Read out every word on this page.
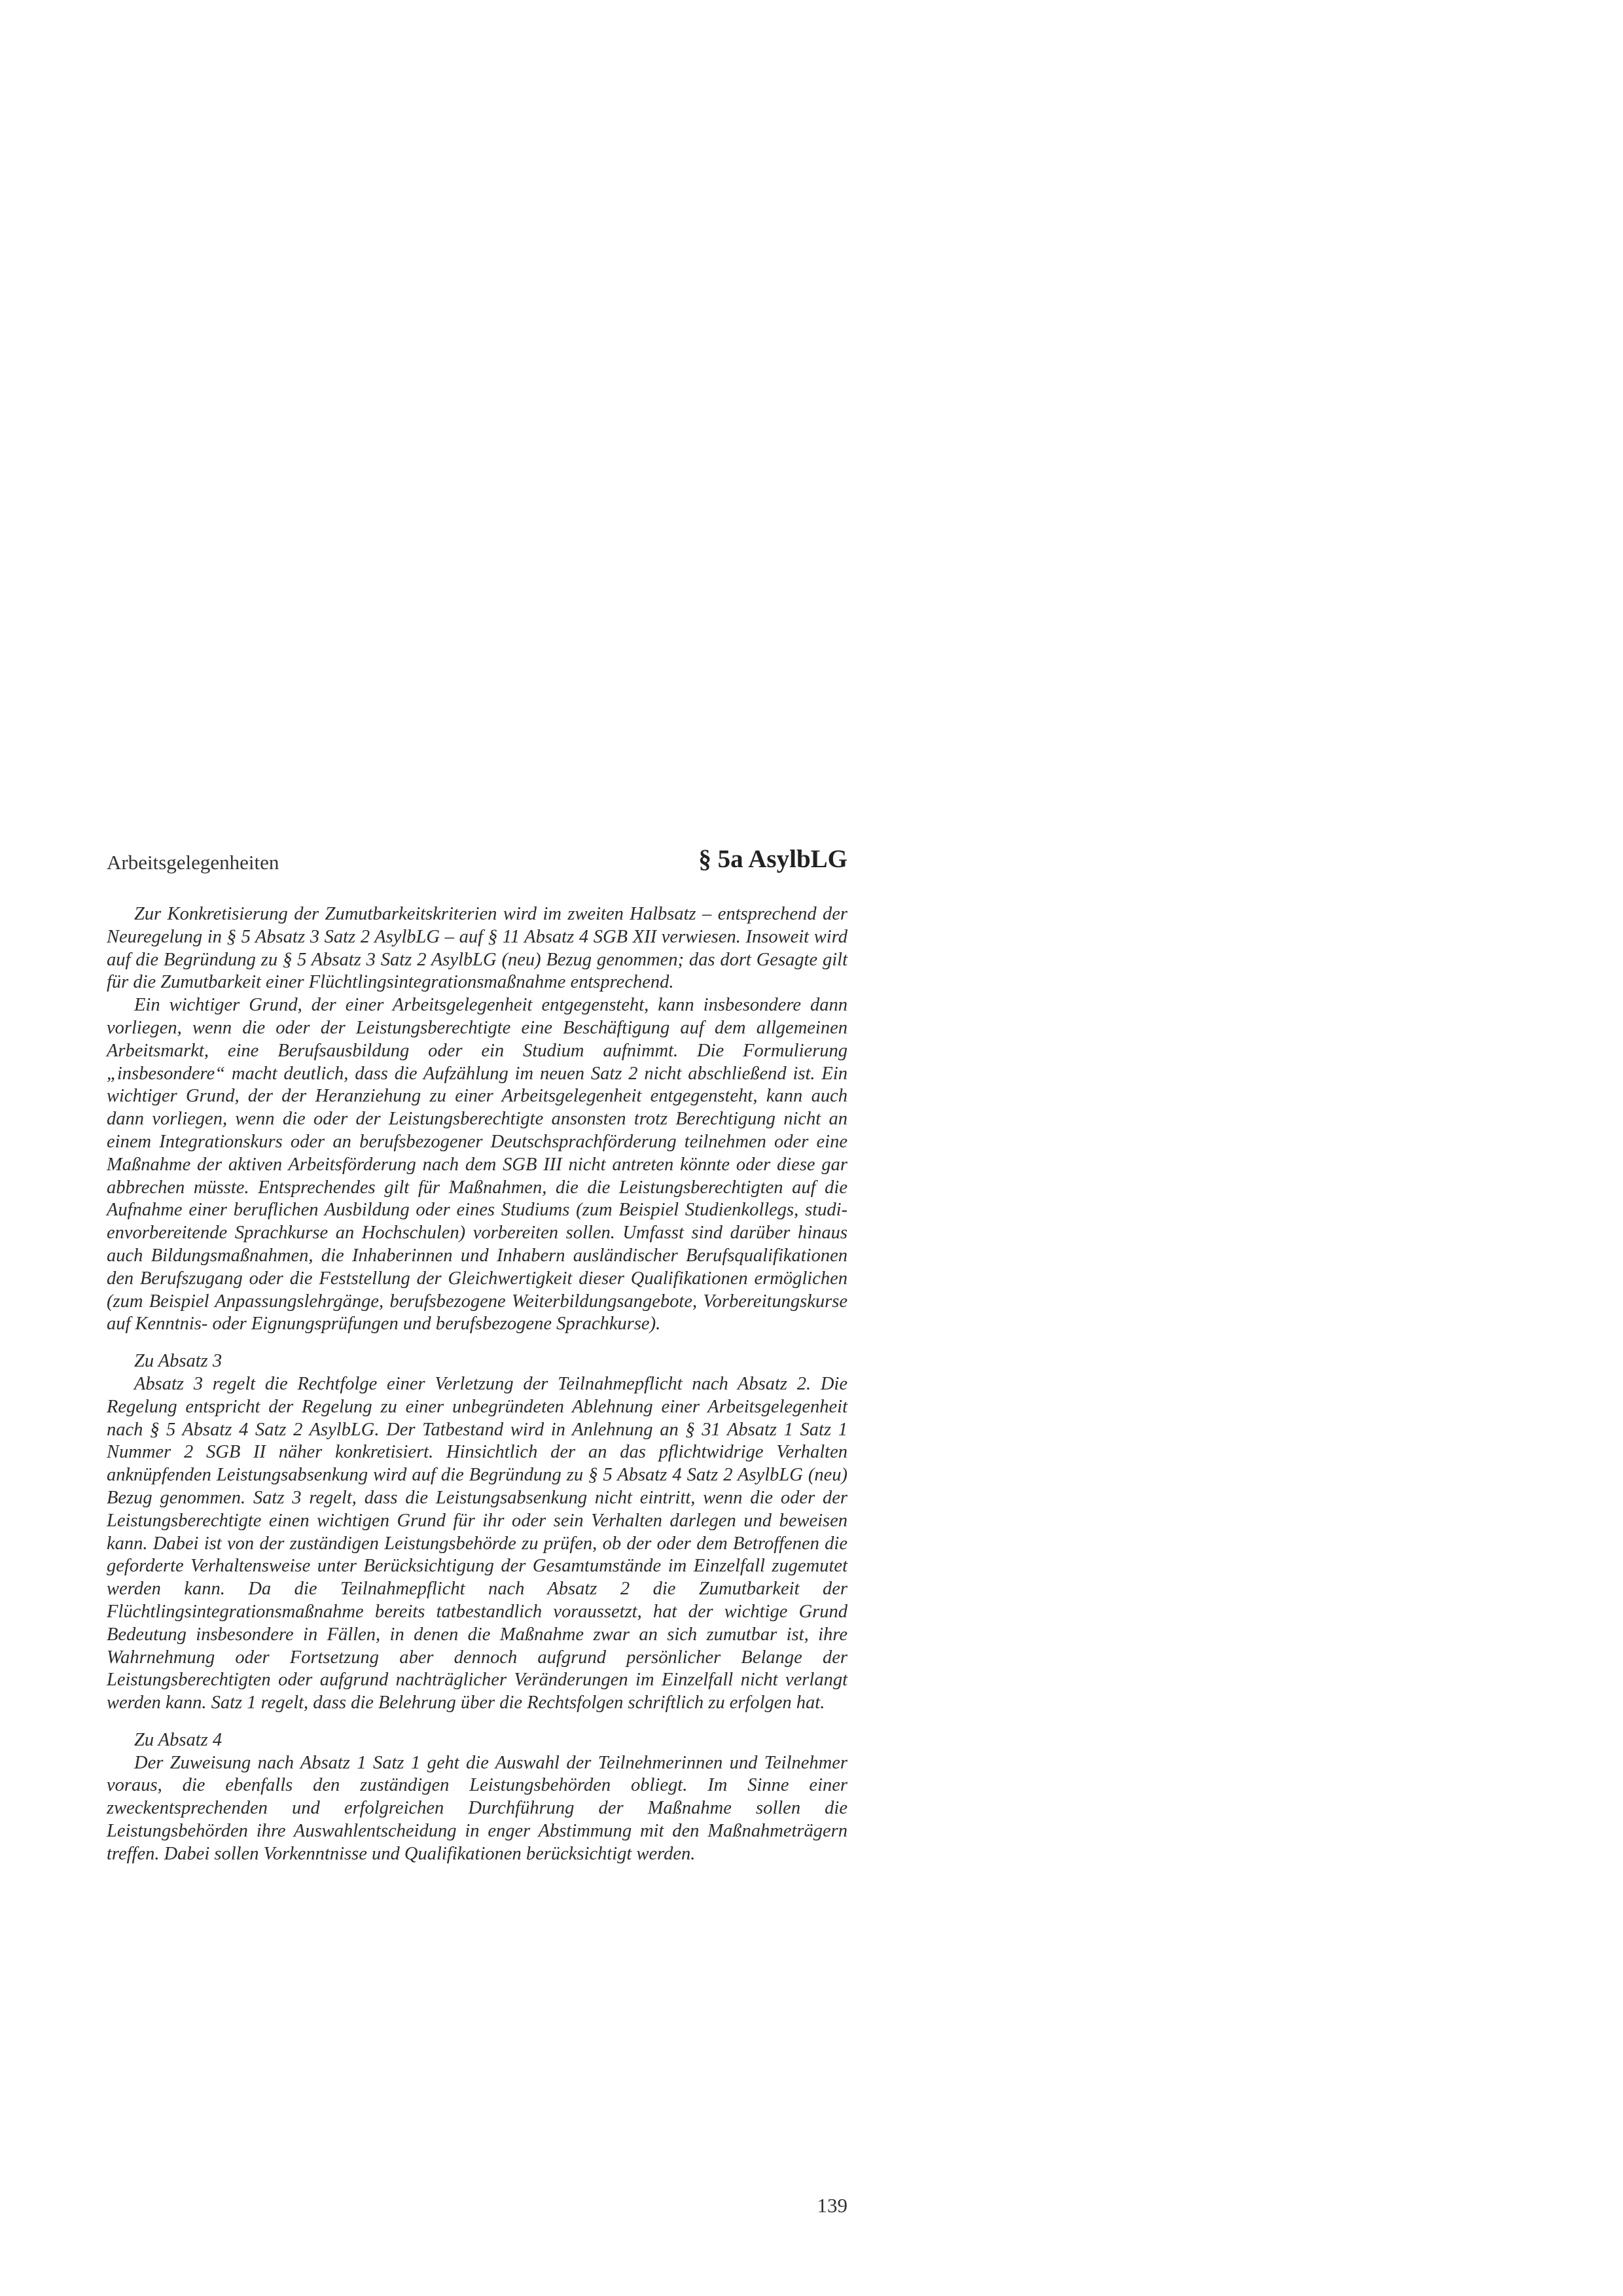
Arbeitsgelegenheiten	§ 5a AsylbLG

Zur Konkretisierung der Zumutbarkeitskriterien wird im zweiten Halbsatz – entsprechend der Neuregelung in § 5 Absatz 3 Satz 2 AsylbLG – auf § 11 Absatz 4 SGB XII verwiesen. Insoweit wird auf die Begründung zu § 5 Absatz 3 Satz 2 AsylbLG (neu) Bezug genommen; das dort Gesagte gilt für die Zumutbarkeit einer Flüchtlingsintegrationsmaßnahme entsprechend.

Ein wichtiger Grund, der einer Arbeitsgelegenheit entgegensteht, kann insbesondere dann vorliegen, wenn die oder der Leistungsberechtigte eine Beschäftigung auf dem allgemeinen Arbeitsmarkt, eine Berufsausbildung oder ein Studium aufnimmt. Die Formulierung „insbesondere“ macht deutlich, dass die Aufzählung im neuen Satz 2 nicht abschließend ist. Ein wichtiger Grund, der der Heranziehung zu einer Arbeitsgelegenheit entgegensteht, kann auch dann vorliegen, wenn die oder der Leistungsberechtigte ansonsten trotz Berechtigung nicht an einem Integrationskurs oder an berufsbezogener Deutschsprachförderung teilnehmen oder eine Maßnahme der aktiven Arbeitsförderung nach dem SGB III nicht antreten könnte oder diese gar abbrechen müsste. Entsprechendes gilt für Maßnahmen, die die Leistungsberechtigten auf die Aufnahme einer beruflichen Ausbildung oder eines Studiums (zum Beispiel Studienkollegs, studienvorbereitende Sprachkurse an Hochschulen) vorbereiten sollen. Umfasst sind darüber hinaus auch Bildungsmaßnahmen, die Inhaberinnen und Inhabern ausländischer Berufsqualifikationen den Berufszugang oder die Feststellung der Gleichwertigkeit dieser Qualifikationen ermöglichen (zum Beispiel Anpassungslehrgänge, berufsbezogene Weiterbildungsangebote, Vorbereitungskurse auf Kenntnis- oder Eignungsprüfungen und berufsbezogene Sprachkurse).

Zu Absatz 3

Absatz 3 regelt die Rechtfolge einer Verletzung der Teilnahmepflicht nach Absatz 2. Die Regelung entspricht der Regelung zu einer unbegründeten Ablehnung einer Arbeitsgelegenheit nach § 5 Absatz 4 Satz 2 AsylbLG. Der Tatbestand wird in Anlehnung an § 31 Absatz 1 Satz 1 Nummer 2 SGB II näher konkretisiert. Hinsichtlich der an das pflichtwidrige Verhalten anknüpfenden Leistungsabsenkung wird auf die Begründung zu § 5 Absatz 4 Satz 2 AsylbLG (neu) Bezug genommen. Satz 3 regelt, dass die Leistungsabsenkung nicht eintritt, wenn die oder der Leistungsberechtigte einen wichtigen Grund für ihr oder sein Verhalten darlegen und beweisen kann. Dabei ist von der zuständigen Leistungsbehörde zu prüfen, ob der oder dem Betroffenen die geforderte Verhaltensweise unter Berücksichtigung der Gesamtumstände im Einzelfall zugemutet werden kann. Da die Teilnahmepflicht nach Absatz 2 die Zumutbarkeit der Flüchtlingsintegrationsmaßnahme bereits tatbestandlich voraussetzt, hat der wichtige Grund Bedeutung insbesondere in Fällen, in denen die Maßnahme zwar an sich zumutbar ist, ihre Wahrnehmung oder Fortsetzung aber dennoch aufgrund persönlicher Belange der Leistungsberechtigten oder aufgrund nachträglicher Veränderungen im Einzelfall nicht verlangt werden kann. Satz 1 regelt, dass die Belehrung über die Rechtsfolgen schriftlich zu erfolgen hat.

Zu Absatz 4

Der Zuweisung nach Absatz 1 Satz 1 geht die Auswahl der Teilnehmerinnen und Teilnehmer voraus, die ebenfalls den zuständigen Leistungsbehörden obliegt. Im Sinne einer zweckentsprechenden und erfolgreichen Durchführung der Maßnahme sollen die Leistungsbehörden ihre Auswahlentscheidung in enger Abstimmung mit den Maßnahmeträgern treffen. Dabei sollen Vorkenntnisse und Qualifikationen berücksichtigt werden.

139
